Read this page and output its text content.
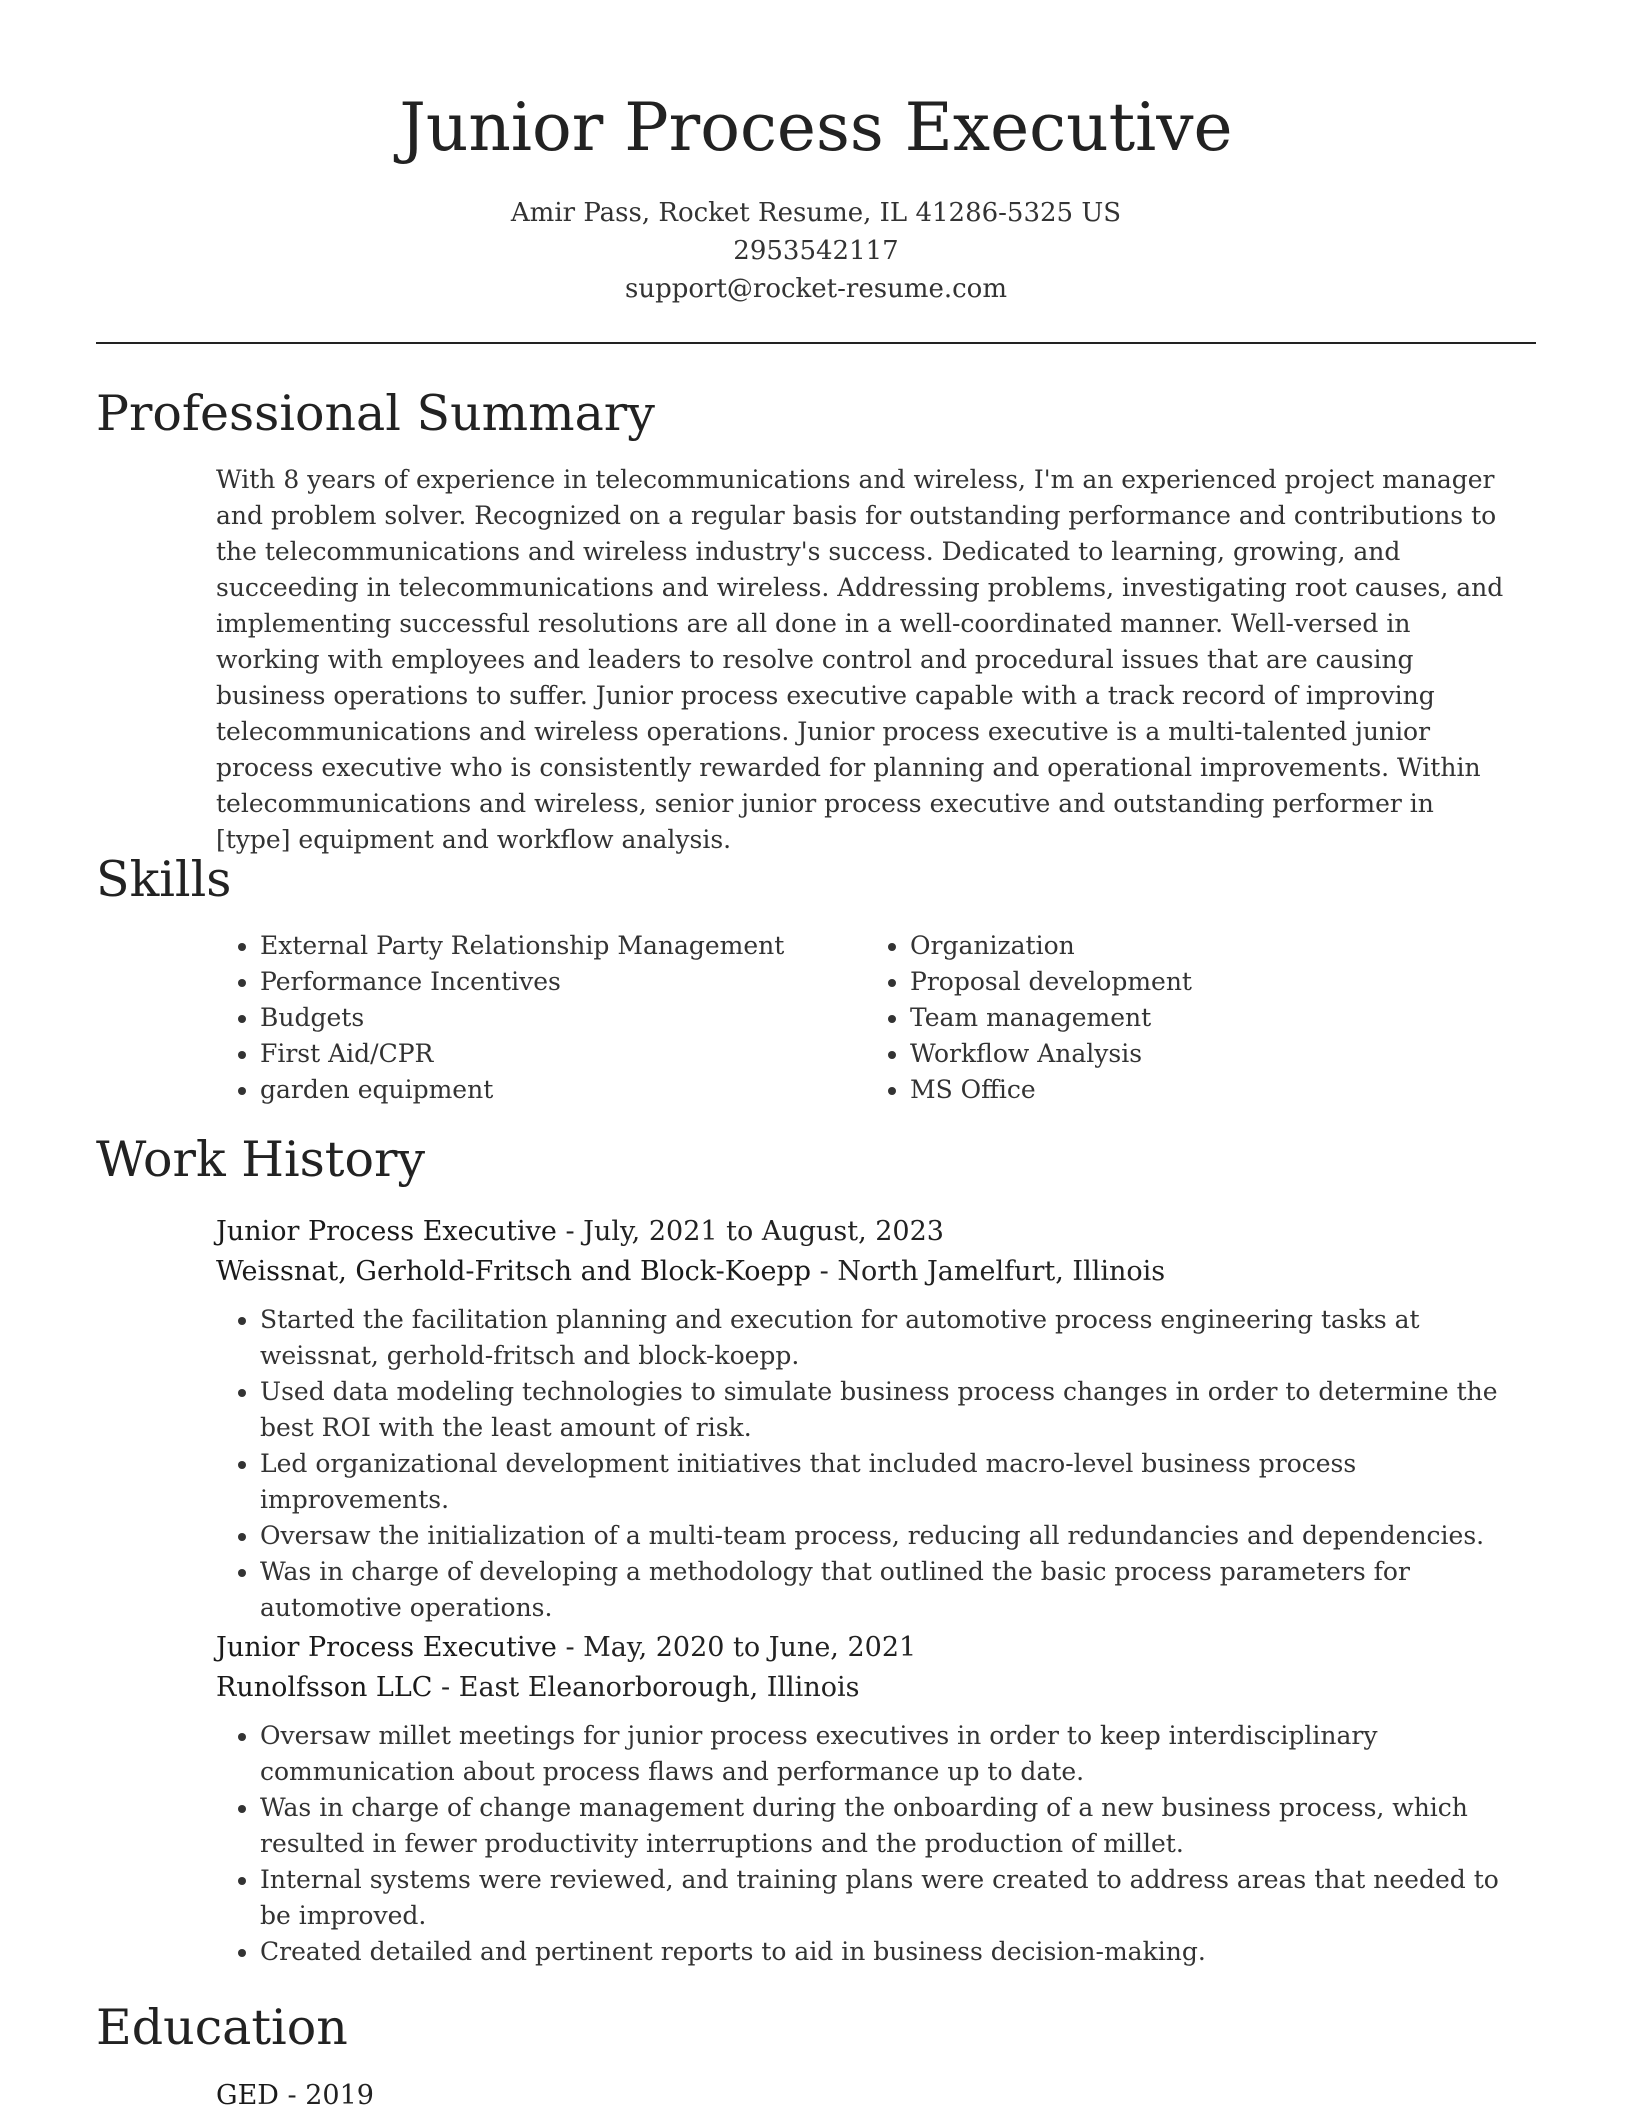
Junior Process Executive
Amir Pass, Rocket Resume, IL 41286-5325 US
2953542117
support@rocket-resume.com
Professional Summary

With 8 years of experience in telecommunications and wireless, I'm an experienced project manager and problem solver. Recognized on a regular basis for outstanding performance and contributions to the telecommunications and wireless industry's success. Dedicated to learning, growing, and succeeding in telecommunications and wireless. Addressing problems, investigating root causes, and implementing successful resolutions are all done in a well-coordinated manner. Well-versed in working with employees and leaders to resolve control and procedural issues that are causing business operations to suffer. Junior process executive capable with a track record of improving telecommunications and wireless operations. Junior process executive is a multi-talented junior process executive who is consistently rewarded for planning and operational improvements. Within telecommunications and wireless, senior junior process executive and outstanding performer in [type] equipment and workflow analysis.

Skills
• External Party Relationship Management
• Performance Incentives
• Budgets
• First Aid/CPR
• garden equipment
• Organization
• Proposal development
• Team management
• Workflow Analysis
• MS Office
Work History

Junior Process Executive - July, 2021 to August, 2023

Weissnat, Gerhold-Fritsch and Block-Koepp - North Jamelfurt, Illinois

• Started the facilitation planning and execution for automotive process engineering tasks at weissnat, gerhold-fritsch and block-koepp.
• Used data modeling technologies to simulate business process changes in order to determine the best ROI with the least amount of risk.
• Led organizational development initiatives that included macro-level business process improvements.
• Oversaw the initialization of a multi-team process, reducing all redundancies and dependencies.
• Was in charge of developing a methodology that outlined the basic process parameters for automotive operations.

Junior Process Executive - May, 2020 to June, 2021

Runolfsson LLC - East Eleanorborough, Illinois

• Oversaw millet meetings for junior process executives in order to keep interdisciplinary communication about process flaws and performance up to date.
• Was in charge of change management during the onboarding of a new business process, which resulted in fewer productivity interruptions and the production of millet.
• Internal systems were reviewed, and training plans were created to address areas that needed to be improved.
• Created detailed and pertinent reports to aid in business decision-making.
Education

GED - 2019
